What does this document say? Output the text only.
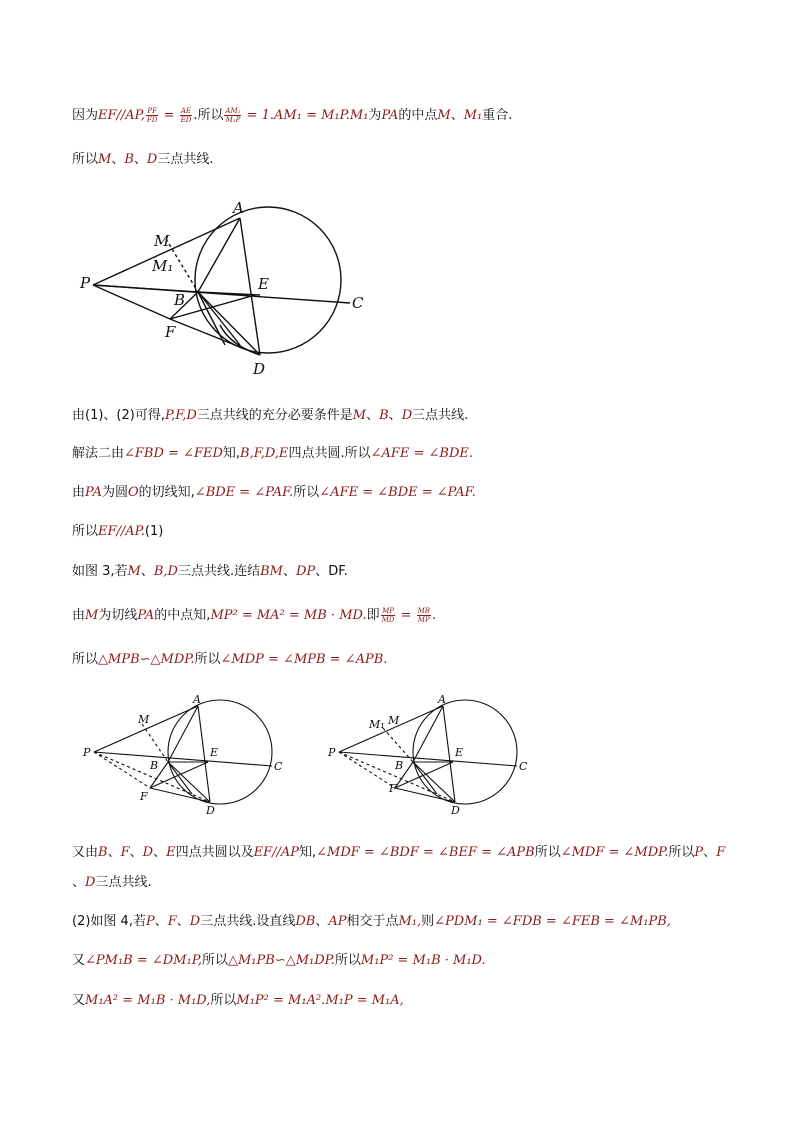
因为EF//AP, $\frac{PF}{FD} = \frac{AE}{ED}$ .所以 $\frac{\text{AM₁}}{\text{M₁P}} = 1.AM_1 = M_1P.M_1$为PA的中点M、M₁重合.
所以M、B、D三点共线.
A
M
M₁
P
B
E
C
F
D
由(1)、(2)可得,P,F,D三点共线的充分必要条件是M、B、D三点共线.
解法二由∠FBD = ∠FED知,B,F,D,E四点共圆.所以∠AFE = ∠BDE.
由PA为圆O的切线知,∠BDE = ∠PAF.所以∠AFE = ∠BDE = ∠PAF.
所以EF//AP.(1)
如图 3,若M、B,D三点共线.连结BM、DP、DF.
由M为切线PA的中点知,MP² = MA² = MB · MD.即 $\frac{MP}{MD} = \frac{MB}{MP}$ .
所以△MPB∽△MDP.所以∠MDP = ∠MPB = ∠APB.
A
M
P
B
E
C
F
D
A
M₁ M
P
B
E
C
F
D
又由B、F、D、E四点共圆以及EF//AP知,∠MDF = ∠BDF = ∠BEF = ∠APB所以∠MDF = ∠MDP.所以P、F
、D三点共线.
(2)如图 4,若P、F、D三点共线.设直线DB、AP相交于点M₁,则∠PDM₁ = ∠FDB = ∠FEB = ∠M₁PB,
又∠PM₁B = ∠DM₁P,所以△M₁PB∽△M₁DP.所以M₁P² = M₁B · M₁D.
又M₁A² = M₁B · M₁D,所以M₁P² = M₁A².M₁P = M₁A,
